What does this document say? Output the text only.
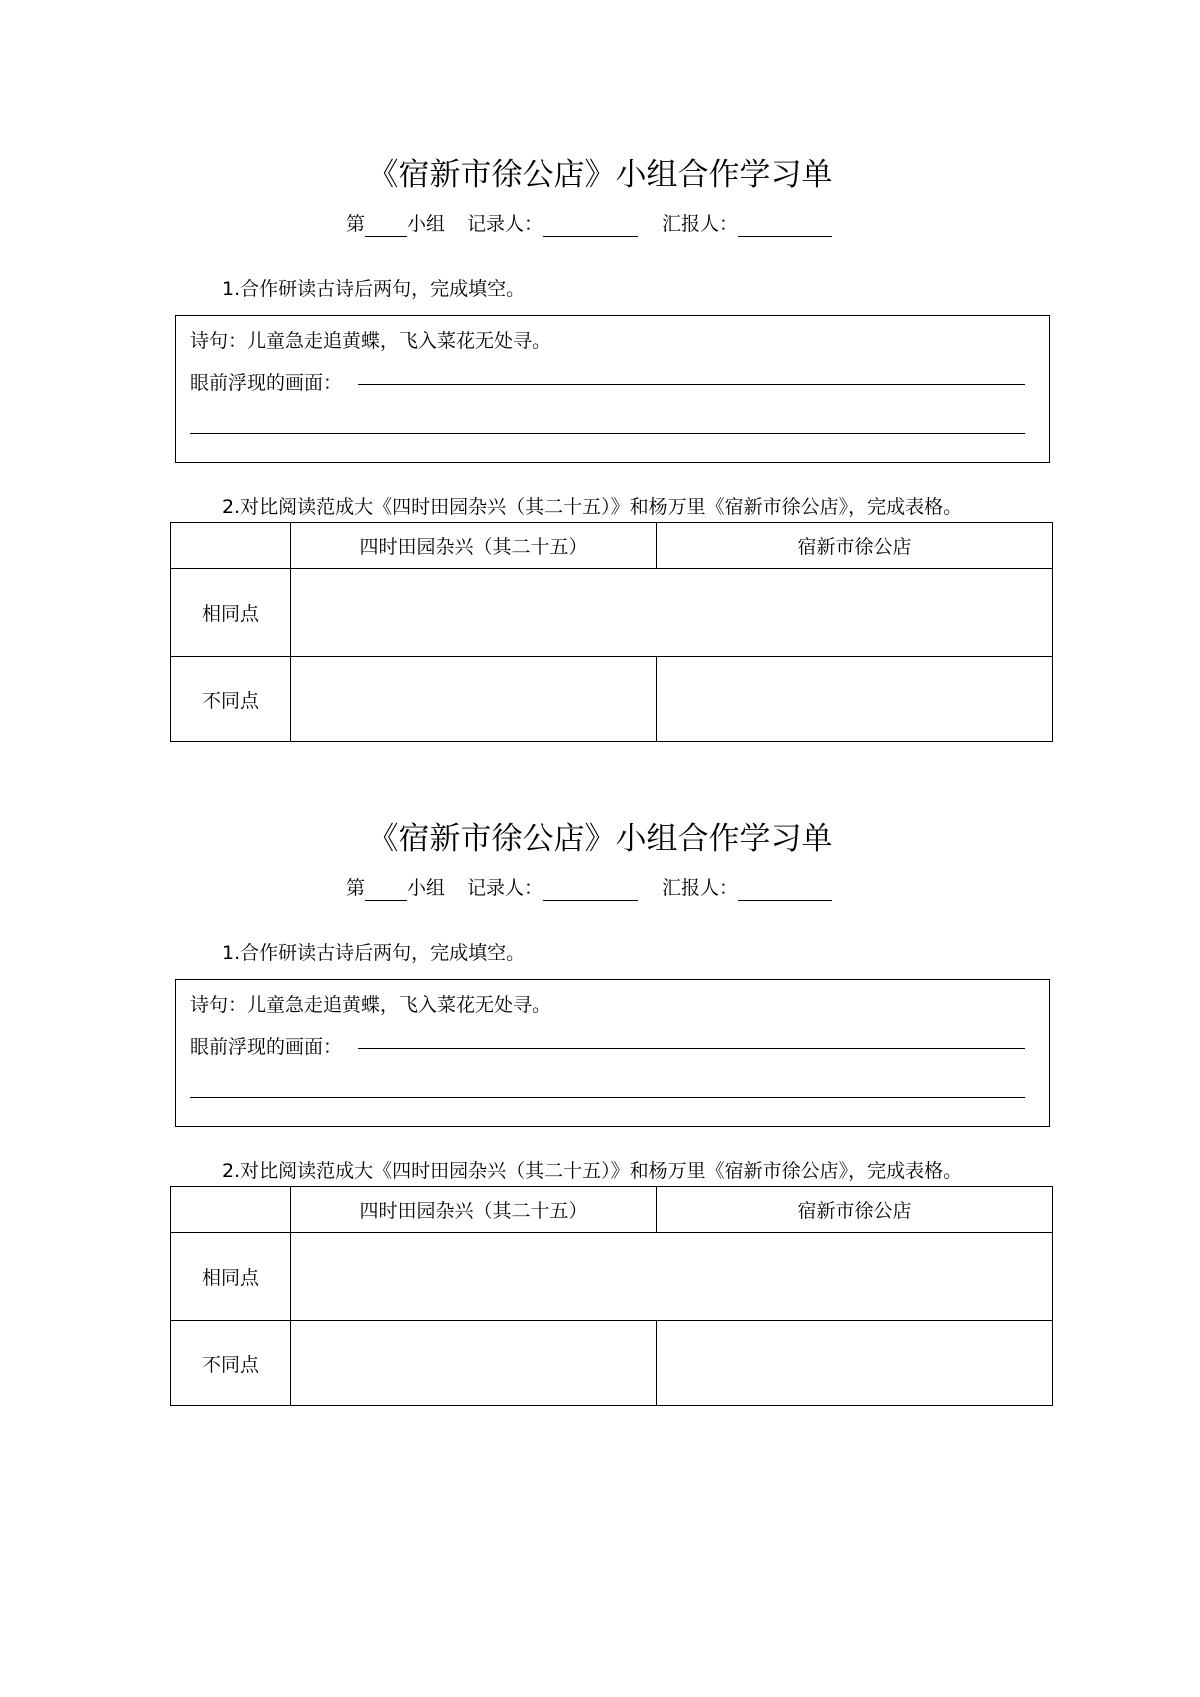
《宿新市徐公店》小组合作学习单
第 小组 记录人：	汇报人：
1.合作研读古诗后两句，完成填空。
诗句：儿童急走追黄蝶，飞入菜花无处寻。
眼前浮现的画面：
2.对比阅读范成大《四时田园杂兴（其二十五）》和杨万里《宿新市徐公店》，完成表格。
	四时田园杂兴（其二十五）	宿新市徐公店
相同点		
不同点		
《宿新市徐公店》小组合作学习单
第 小组 记录人：	汇报人：
1.合作研读古诗后两句，完成填空。
诗句：儿童急走追黄蝶，飞入菜花无处寻。
眼前浮现的画面：
2.对比阅读范成大《四时田园杂兴（其二十五）》和杨万里《宿新市徐公店》，完成表格。
	四时田园杂兴（其二十五）	宿新市徐公店
相同点		
不同点		
